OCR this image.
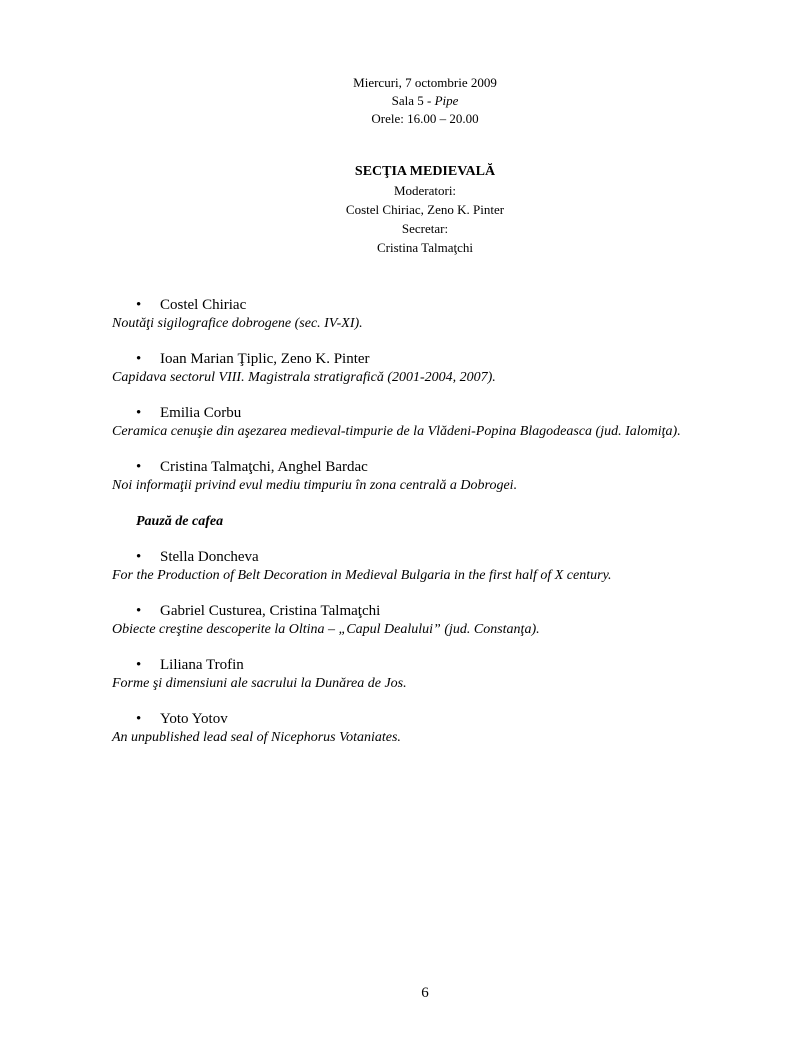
Miercuri, 7 octombrie 2009
Sala 5 - Pipe
Orele: 16.00 – 20.00
SECŢIA MEDIEVALĂ
Moderatori:
Costel Chiriac, Zeno K. Pinter
Secretar:
Cristina Talmaţchi
•	Costel Chiriac
Noutăţi sigilografice dobrogene (sec. IV-XI).
•	Ioan Marian Ţiplic, Zeno K. Pinter
Capidava sectorul VIII. Magistrala stratigrafică (2001-2004, 2007).
•	Emilia Corbu
Ceramica cenuşie din aşezarea medieval-timpurie de la Vlădeni-Popina Blagodeasca (jud. Ialomiţa).
•	Cristina Talmaţchi, Anghel Bardac
Noi informaţii privind evul mediu timpuriu în zona centrală a Dobrogei.
Pauză de cafea
•	Stella Doncheva
For the Production of Belt Decoration in Medieval Bulgaria in the first half of X century.
•	Gabriel Custurea, Cristina Talmaţchi
Obiecte creştine descoperite la Oltina – „Capul Dealului” (jud. Constanţa).
•	Liliana Trofin
Forme şi dimensiuni ale sacrului la Dunărea de Jos.
•	Yoto Yotov
An unpublished lead seal of Nicephorus Votaniates.
6
